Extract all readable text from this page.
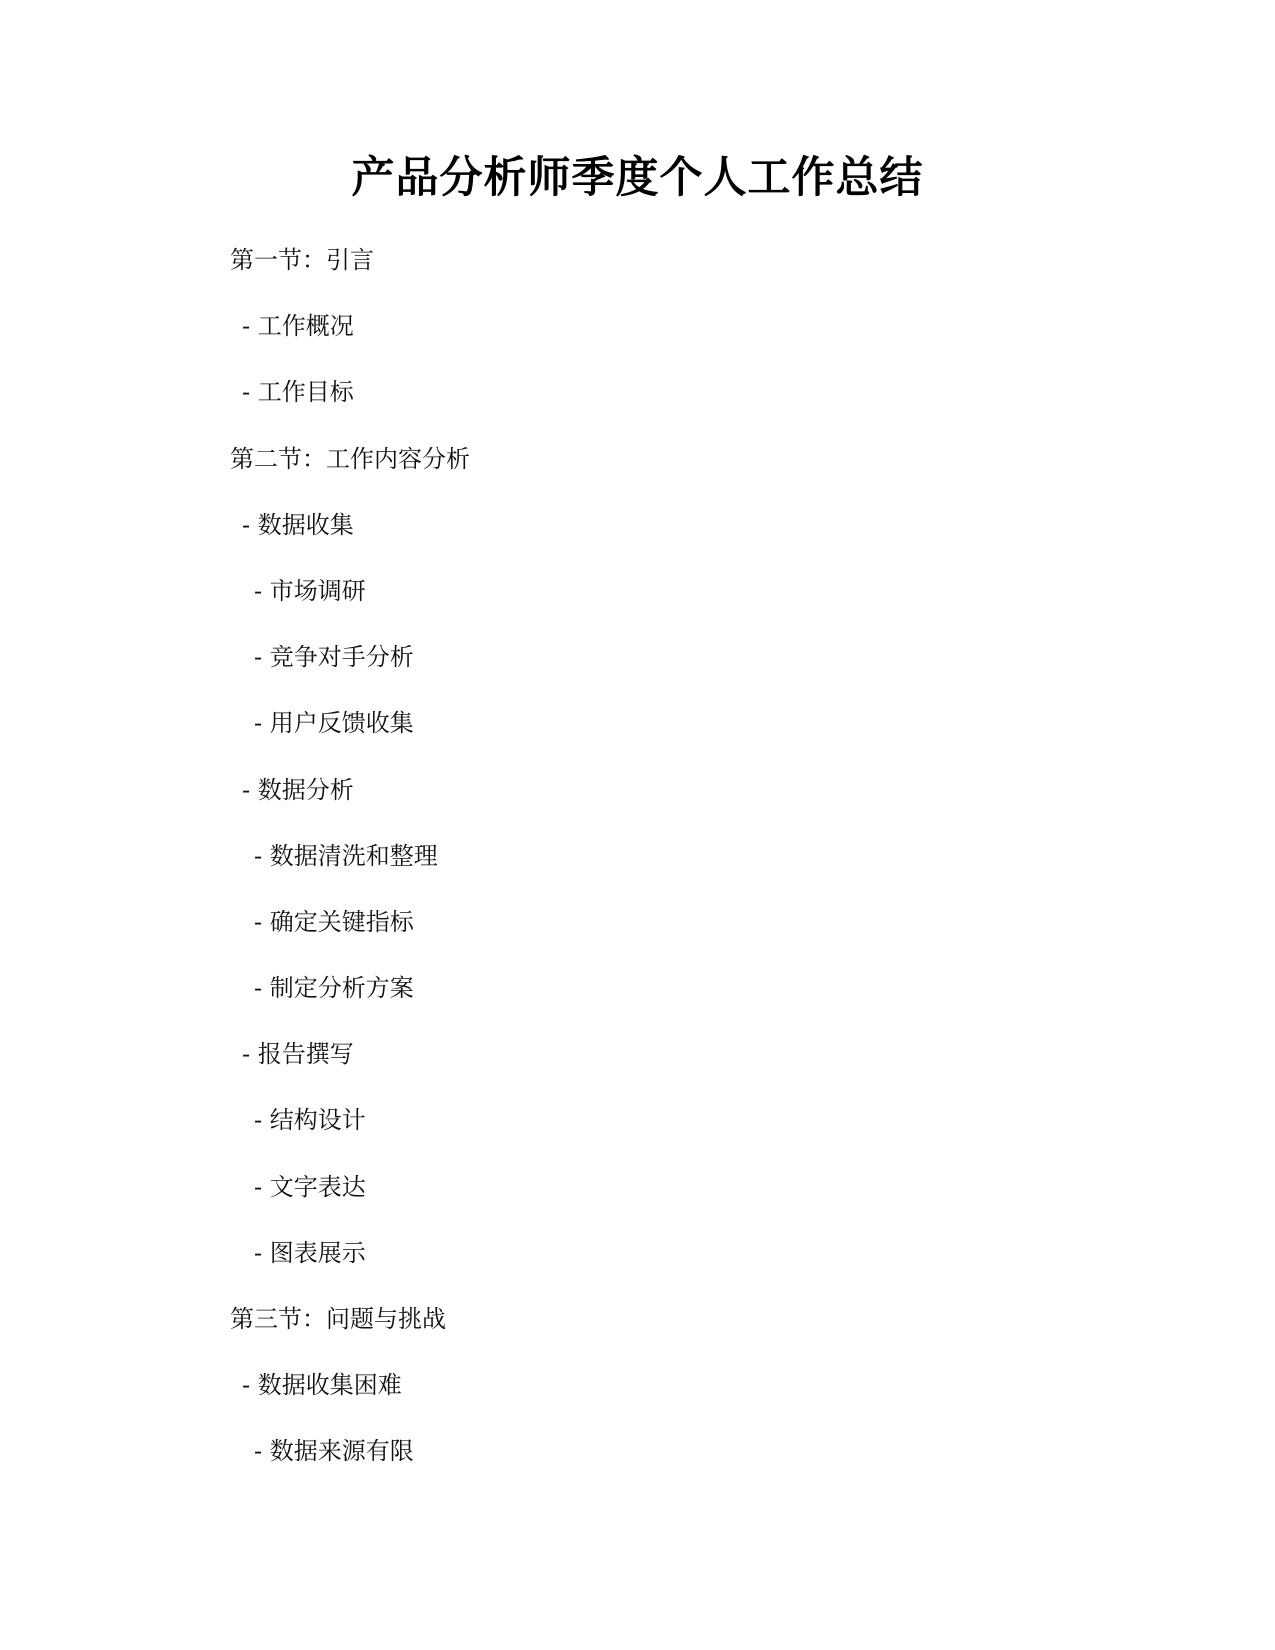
产品分析师季度个人工作总结
第一节：引言
- 工作概况
- 工作目标
第二节：工作内容分析
- 数据收集
- 市场调研
- 竞争对手分析
- 用户反馈收集
- 数据分析
- 数据清洗和整理
- 确定关键指标
- 制定分析方案
- 报告撰写
- 结构设计
- 文字表达
- 图表展示
第三节：问题与挑战
- 数据收集困难
- 数据来源有限
